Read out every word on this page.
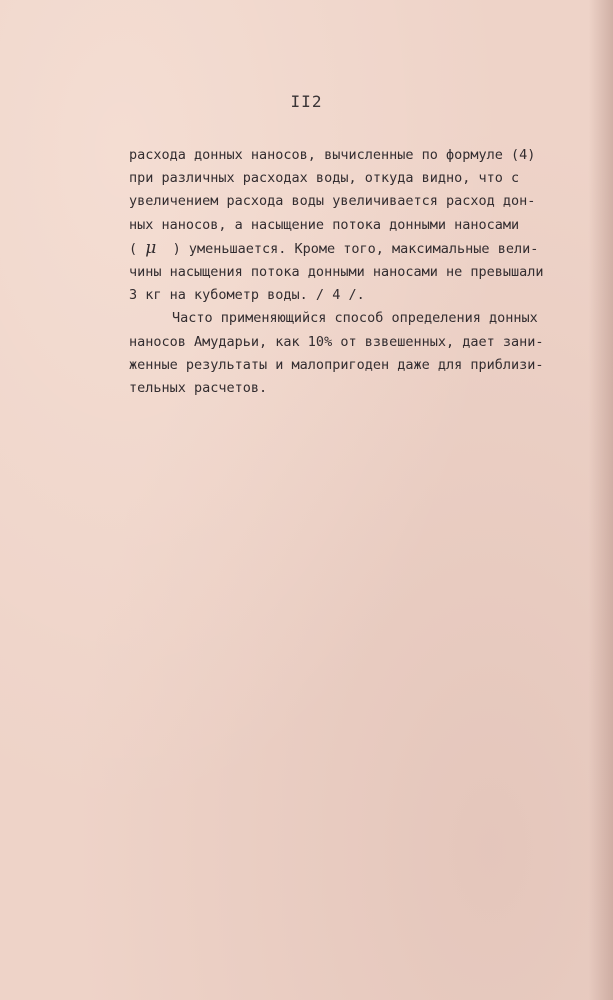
II2
расхода донных наносов, вычисленные по формуле (4)
при различных расходах воды, откуда видно, что с
увеличением расхода воды увеличивается расход дон-
ных наносов, а насыщение потока донными наносами
( μ  ) уменьшается. Кроме того, максимальные вели-
чины насыщения потока донными наносами не превышали
3 кг на кубометр воды. / 4 /.
Часто применяющийся способ определения донных
наносов Амударьи, как 10% от взвешенных, дает зани-
женные результаты и малопригоден даже для приблизи-
тельных расчетов.
